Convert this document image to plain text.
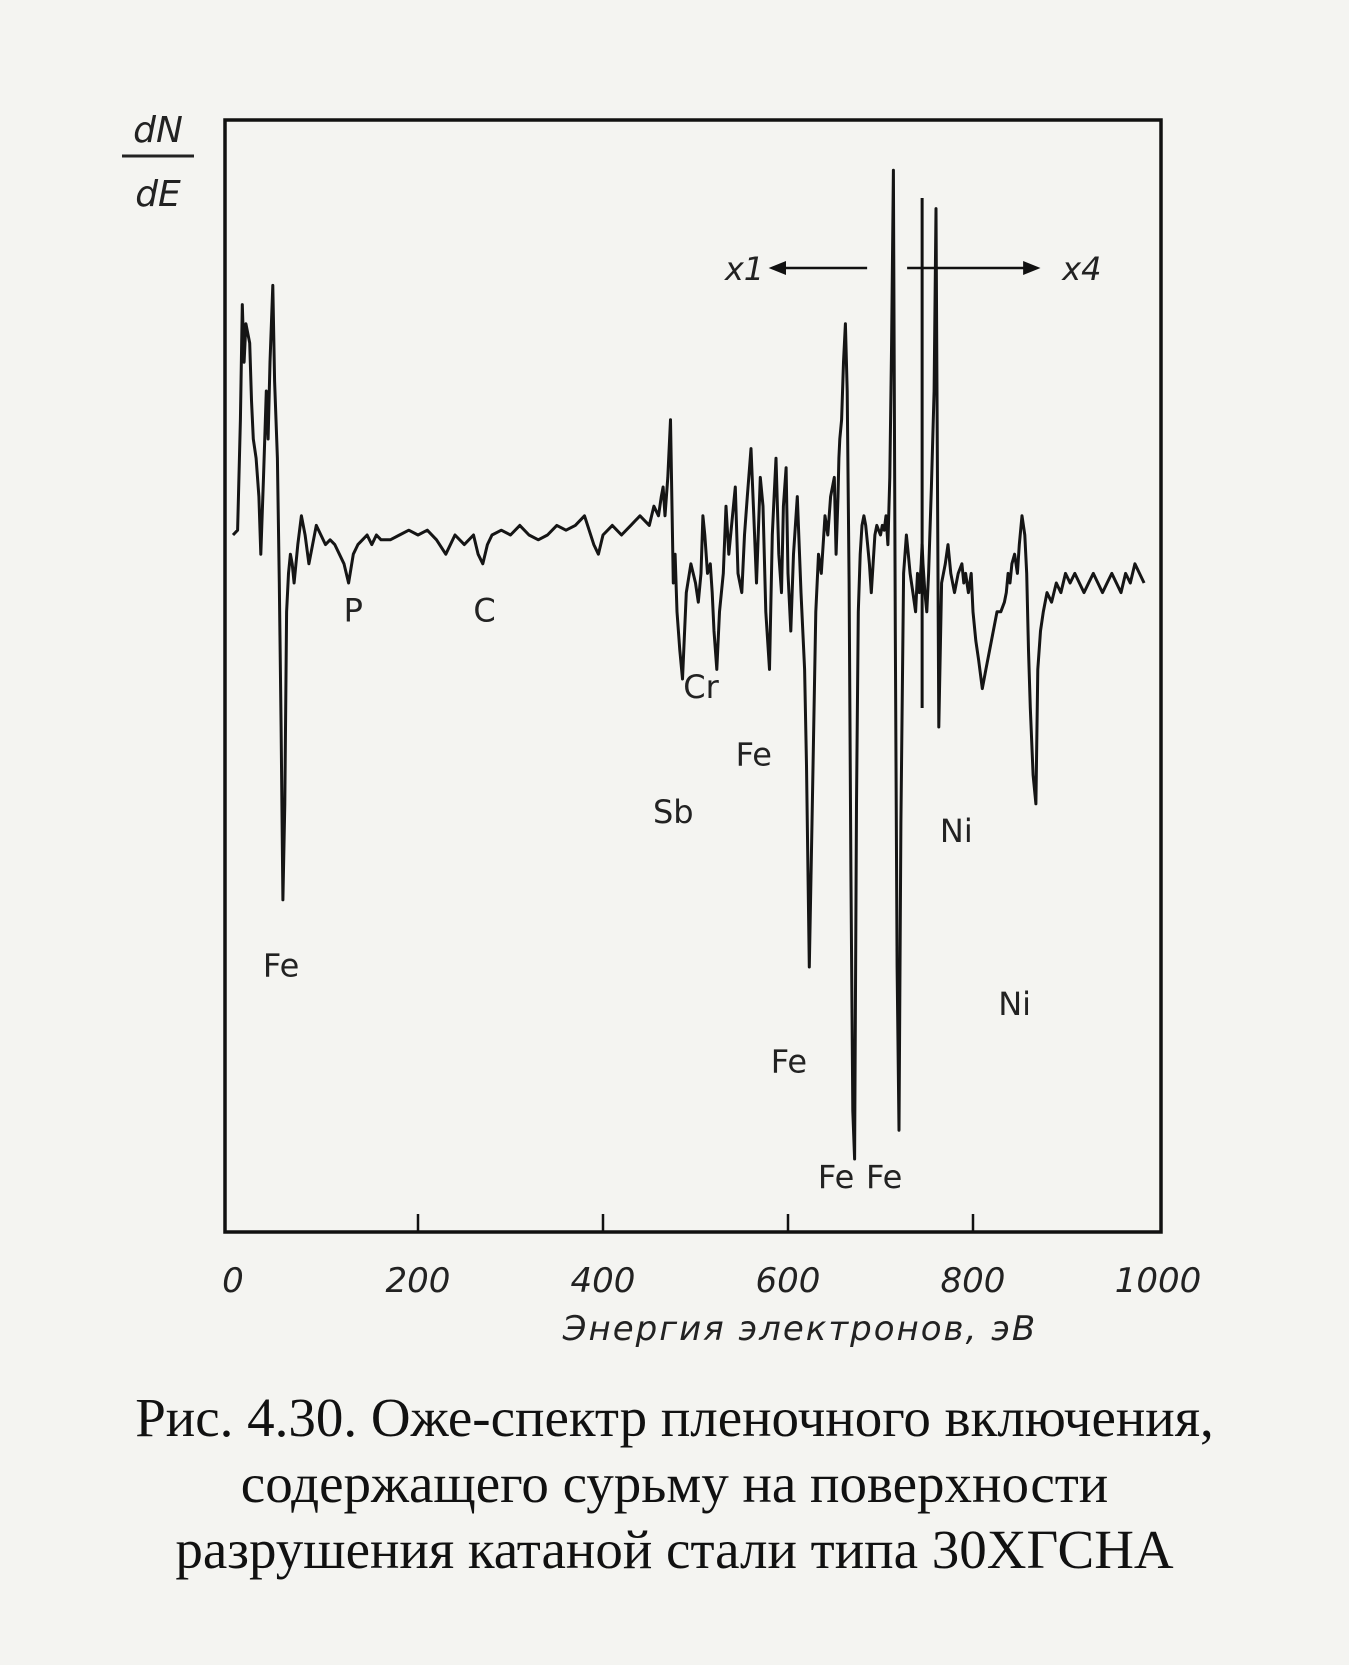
dN
dE
0	200	400	600	800	1000
Энергия электронов, эВ
x1	x4
Fe
P	C
Sb
Cr
Fe
Fe
Fe Fe
Ni
Ni
Рис. 4.30. Оже-спектр пленочного включения,
содержащего сурьму на поверхности
разрушения катаной стали типа 30ХГСНА
